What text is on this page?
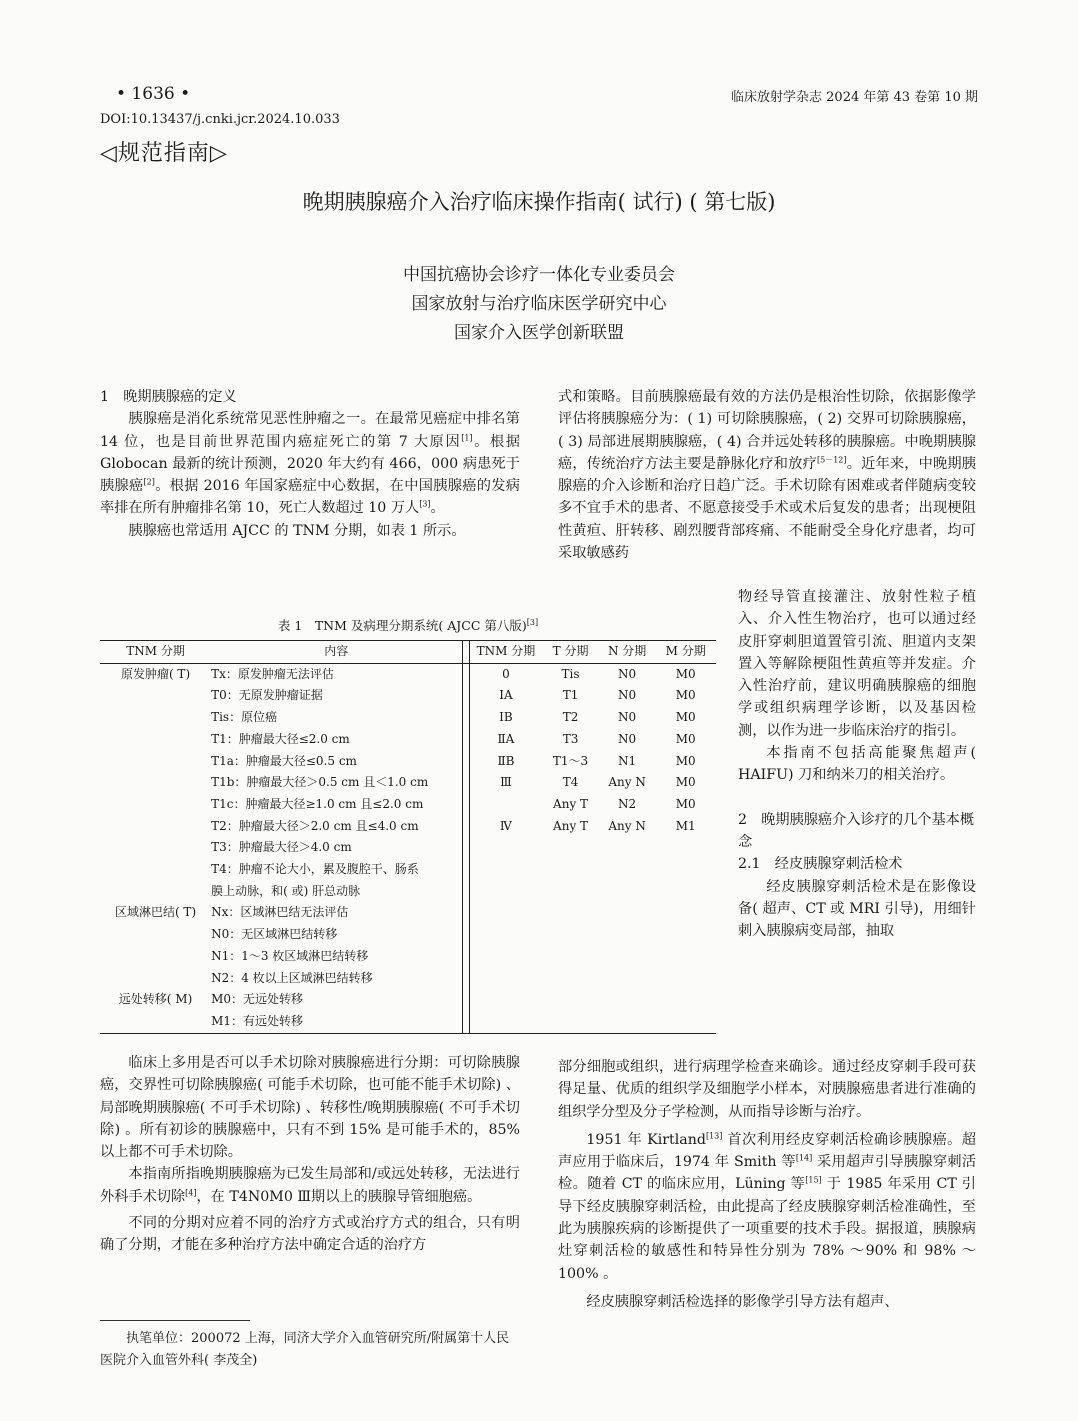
• 1636 •	临床放射学杂志 2024 年第 43 卷第 10 期
DOI:10.13437/j.cnki.jcr.2024.10.033
◁规范指南▷
晚期胰腺癌介入治疗临床操作指南( 试行) ( 第七版)
中国抗癌协会诊疗一体化专业委员会
国家放射与治疗临床医学研究中心
国家介入医学创新联盟

1　晚期胰腺癌的定义

胰腺癌是消化系统常见恶性肿瘤之一。在最常见癌症中排名第 14 位，也是目前世界范围内癌症死亡的第 7 大原因[1]。根据 Globocan 最新的统计预测，2020 年大约有 466，000 病患死于胰腺癌[2]。根据 2016 年国家癌症中心数据，在中国胰腺癌的发病率排在所有肿瘤排名第 10，死亡人数超过 10 万人[3]。

胰腺癌也常适用 AJCC 的 TNM 分期，如表 1 所示。

式和策略。目前胰腺癌最有效的方法仍是根治性切除，依据影像学评估将胰腺癌分为：( 1) 可切除胰腺癌，( 2) 交界可切除胰腺癌，( 3) 局部进展期胰腺癌，( 4) 合并远处转移的胰腺癌。中晚期胰腺癌，传统治疗方法主要是静脉化疗和放疗[5－12]。近年来，中晚期胰腺癌的介入诊断和治疗日趋广泛。手术切除有困难或者伴随病变较多不宜手术的患者、不愿意接受手术或术后复发的患者；出现梗阻性黄疸、肝转移、剧烈腰背部疼痛、不能耐受全身化疗患者，均可采取敏感药

物经导管直接灌注、放射性粒子植入、介入性生物治疗，也可以通过经皮肝穿刺胆道置管引流、胆道内支架置入等解除梗阻性黄疸等并发症。介入性治疗前，建议明确胰腺癌的细胞学或组织病理学诊断，以及基因检测，以作为进一步临床治疗的指引。

本指南不包括高能聚焦超声( HAIFU) 刀和纳米刀的相关治疗。

2　晚期胰腺癌介入诊疗的几个基本概念

2.1　经皮胰腺穿刺活检术

经皮胰腺穿刺活检术是在影像设备( 超声、CT 或 MRI 引导)，用细针刺入胰腺病变局部，抽取

表 1　TNM 及病理分期系统( AJCC 第八版)[3]
TNM 分期	内容		TNM 分期	T 分期	N 分期	M 分期
原发肿瘤( T)	Tx：原发肿瘤无法评估		0	Tis	N0	M0
	T0：无原发肿瘤证据		ⅠA	T1	N0	M0
	Tis：原位癌		ⅠB	T2	N0	M0
	T1：肿瘤最大径≤2.0 cm		ⅡA	T3	N0	M0
	T1a：肿瘤最大径≤0.5 cm		ⅡB	T1～3	N1	M0
	T1b：肿瘤最大径＞0.5 cm 且＜1.0 cm		Ⅲ	T4	Any N	M0
	T1c：肿瘤最大径≥1.0 cm 且≤2.0 cm			Any T	N2	M0
	T2：肿瘤最大径＞2.0 cm 且≤4.0 cm		Ⅳ	Any T	Any N	M1
	T3：肿瘤最大径＞4.0 cm					
	T4：肿瘤不论大小，累及腹腔干、肠系					
	膜上动脉，和( 或) 肝总动脉					
区域淋巴结( T)	Nx：区域淋巴结无法评估					
	N0：无区域淋巴结转移					
	N1：1～3 枚区域淋巴结转移					
	N2：4 枚以上区域淋巴结转移					
远处转移( M)	M0：无远处转移					
	M1：有远处转移					

临床上多用是否可以手术切除对胰腺癌进行分期：可切除胰腺癌，交界性可切除胰腺癌( 可能手术切除，也可能不能手术切除) 、局部晚期胰腺癌( 不可手术切除) 、转移性/晚期胰腺癌( 不可手术切除) 。所有初诊的胰腺癌中，只有不到 15% 是可能手术的，85% 以上都不可手术切除。

本指南所指晚期胰腺癌为已发生局部和/或远处转移，无法进行外科手术切除[4]，在 T4N0M0 Ⅲ期以上的胰腺导管细胞癌。

不同的分期对应着不同的治疗方式或治疗方式的组合，只有明确了分期，才能在多种治疗方法中确定合适的治疗方

执笔单位：200072 上海，同济大学介入血管研究所/附属第十人民医院介入血管外科( 李茂全)

部分细胞或组织，进行病理学检查来确诊。通过经皮穿刺手段可获得足量、优质的组织学及细胞学小样本，对胰腺癌患者进行准确的组织学分型及分子学检测，从而指导诊断与治疗。

1951 年 Kirtland[13] 首次利用经皮穿刺活检确诊胰腺癌。超声应用于临床后，1974 年 Smith 等[14] 采用超声引导胰腺穿刺活检。随着 CT 的临床应用，Lüning 等[15] 于 1985 年采用 CT 引导下经皮胰腺穿刺活检，由此提高了经皮胰腺穿刺活检准确性，至此为胰腺疾病的诊断提供了一项重要的技术手段。据报道，胰腺病灶穿刺活检的敏感性和特异性分别为 78% ～90% 和 98% ～100% 。

经皮胰腺穿刺活检选择的影像学引导方法有超声、
